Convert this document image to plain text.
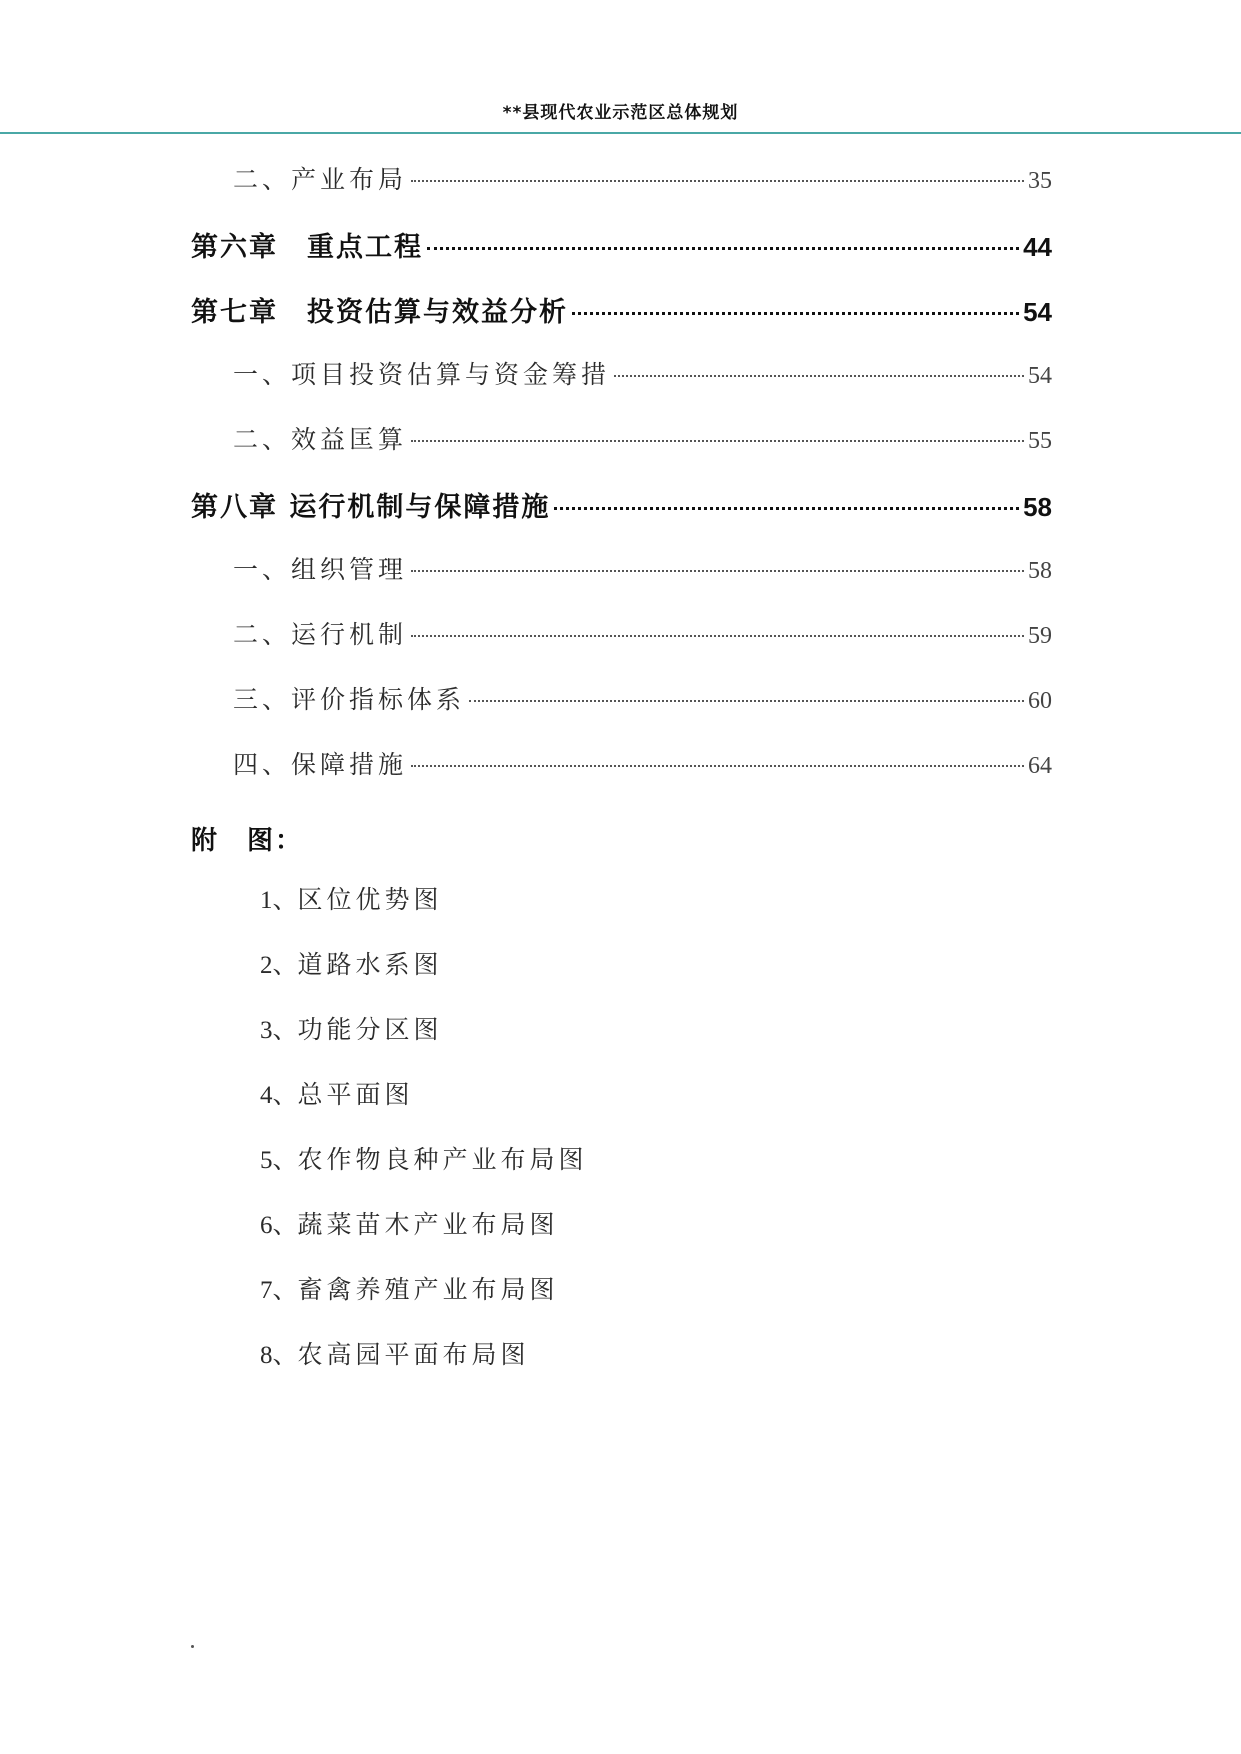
**县现代农业示范区总体规划
二、产业布局	35
第六章　重点工程	44
第七章　投资估算与效益分析	54
一、项目投资估算与资金筹措	54
二、效益匡算	55
第八章 运行机制与保障措施	58
一、组织管理	58
二、运行机制	59
三、评价指标体系	60
四、保障措施	64
附　图：
1、区位优势图
2、道路水系图
3、功能分区图
4、总平面图
5、农作物良种产业布局图
6、蔬菜苗木产业布局图
7、畜禽养殖产业布局图
8、农高园平面布局图
